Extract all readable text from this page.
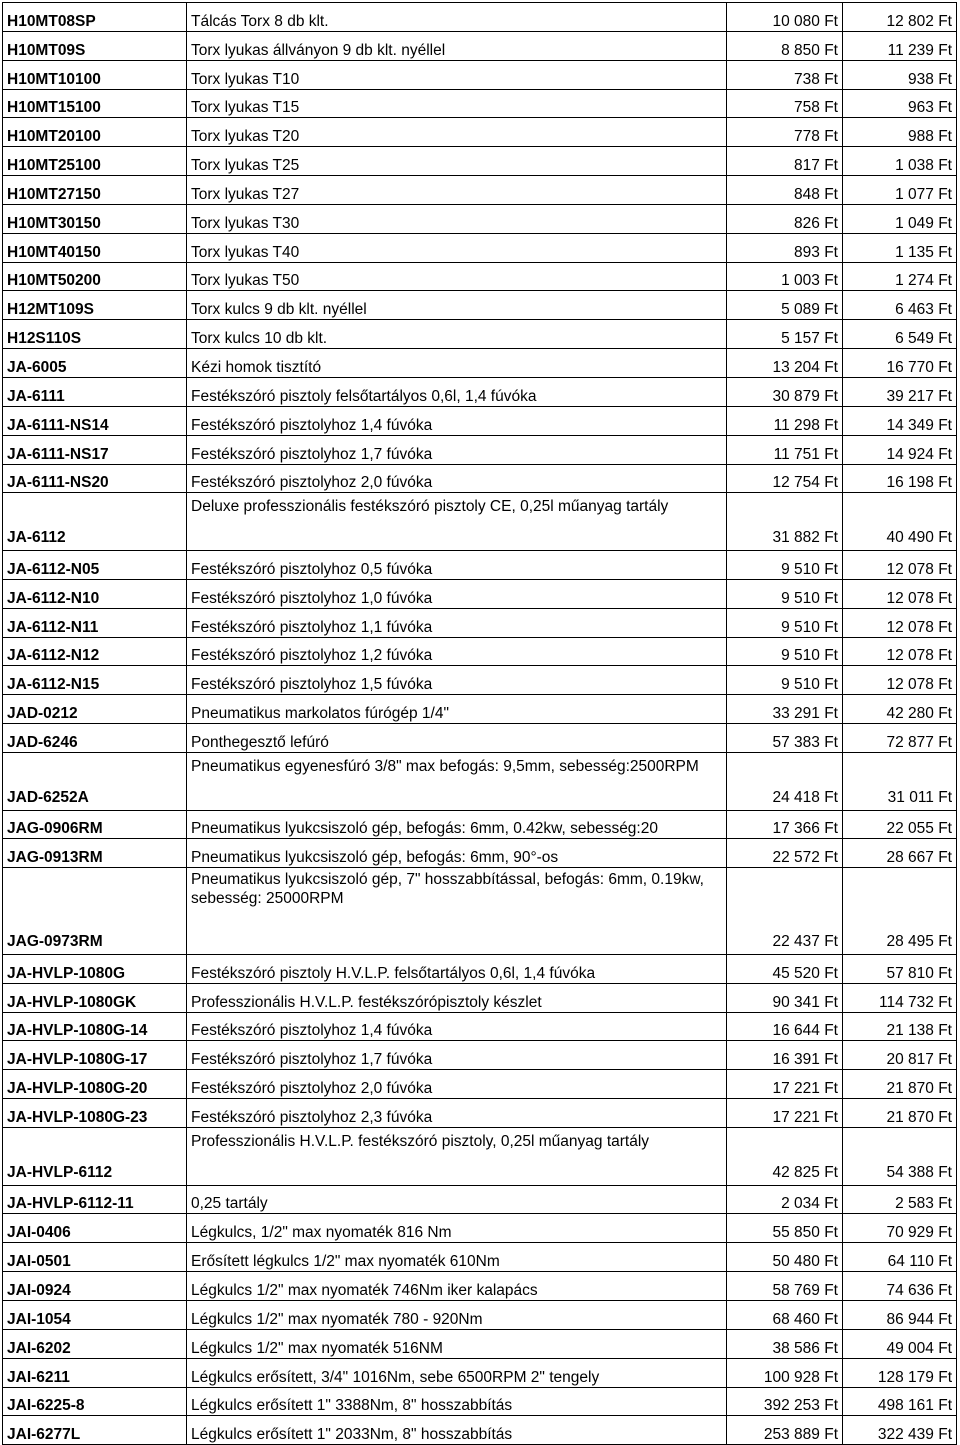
H10MT08SP	Tálcás Torx 8 db klt.	10 080 Ft	12 802 Ft
H10MT09S	Torx lyukas állványon 9 db klt. nyéllel	8 850 Ft	11 239 Ft
H10MT10100	Torx lyukas T10	738 Ft	938 Ft
H10MT15100	Torx lyukas T15	758 Ft	963 Ft
H10MT20100	Torx lyukas T20	778 Ft	988 Ft
H10MT25100	Torx lyukas T25	817 Ft	1 038 Ft
H10MT27150	Torx lyukas T27	848 Ft	1 077 Ft
H10MT30150	Torx lyukas T30	826 Ft	1 049 Ft
H10MT40150	Torx lyukas T40	893 Ft	1 135 Ft
H10MT50200	Torx lyukas T50	1 003 Ft	1 274 Ft
H12MT109S	Torx kulcs 9 db klt. nyéllel	5 089 Ft	6 463 Ft
H12S110S	Torx kulcs 10 db klt.	5 157 Ft	6 549 Ft
JA-6005	Kézi homok tisztító	13 204 Ft	16 770 Ft
JA-6111	Festékszóró pisztoly felsőtartályos 0,6l, 1,4 fúvóka	30 879 Ft	39 217 Ft
JA-6111-NS14	Festékszóró pisztolyhoz 1,4 fúvóka	11 298 Ft	14 349 Ft
JA-6111-NS17	Festékszóró pisztolyhoz 1,7 fúvóka	11 751 Ft	14 924 Ft
JA-6111-NS20	Festékszóró pisztolyhoz 2,0 fúvóka	12 754 Ft	16 198 Ft
JA-6112	Deluxe professzionális festékszóró pisztoly CE, 0,25l műanyag tartály	31 882 Ft	40 490 Ft
JA-6112-N05	Festékszóró pisztolyhoz 0,5 fúvóka	9 510 Ft	12 078 Ft
JA-6112-N10	Festékszóró pisztolyhoz 1,0 fúvóka	9 510 Ft	12 078 Ft
JA-6112-N11	Festékszóró pisztolyhoz 1,1 fúvóka	9 510 Ft	12 078 Ft
JA-6112-N12	Festékszóró pisztolyhoz 1,2 fúvóka	9 510 Ft	12 078 Ft
JA-6112-N15	Festékszóró pisztolyhoz 1,5 fúvóka	9 510 Ft	12 078 Ft
JAD-0212	Pneumatikus markolatos fúrógép 1/4"	33 291 Ft	42 280 Ft
JAD-6246	Ponthegesztő lefúró	57 383 Ft	72 877 Ft
JAD-6252A	Pneumatikus egyenesfúró 3/8" max befogás: 9,5mm, sebesség:2500RPM	24 418 Ft	31 011 Ft
JAG-0906RM	Pneumatikus lyukcsiszoló gép, befogás: 6mm, 0.42kw, sebesség:20	17 366 Ft	22 055 Ft
JAG-0913RM	Pneumatikus lyukcsiszoló gép, befogás: 6mm, 90°-os	22 572 Ft	28 667 Ft
JAG-0973RM	Pneumatikus lyukcsiszoló gép, 7" hosszabbítással, befogás: 6mm, 0.19kw, sebesség: 25000RPM	22 437 Ft	28 495 Ft
JA-HVLP-1080G	Festékszóró pisztoly H.V.L.P. felsőtartályos 0,6l, 1,4 fúvóka	45 520 Ft	57 810 Ft
JA-HVLP-1080GK	Professzionális H.V.L.P. festékszórópisztoly készlet	90 341 Ft	114 732 Ft
JA-HVLP-1080G-14	Festékszóró pisztolyhoz 1,4 fúvóka	16 644 Ft	21 138 Ft
JA-HVLP-1080G-17	Festékszóró pisztolyhoz 1,7 fúvóka	16 391 Ft	20 817 Ft
JA-HVLP-1080G-20	Festékszóró pisztolyhoz 2,0 fúvóka	17 221 Ft	21 870 Ft
JA-HVLP-1080G-23	Festékszóró pisztolyhoz 2,3 fúvóka	17 221 Ft	21 870 Ft
JA-HVLP-6112	Professzionális H.V.L.P. festékszóró pisztoly, 0,25l műanyag tartály	42 825 Ft	54 388 Ft
JA-HVLP-6112-11	0,25 tartály	2 034 Ft	2 583 Ft
JAI-0406	Légkulcs, 1/2" max nyomaték 816 Nm	55 850 Ft	70 929 Ft
JAI-0501	Erősített légkulcs 1/2" max nyomaték 610Nm	50 480 Ft	64 110 Ft
JAI-0924	Légkulcs 1/2" max nyomaték 746Nm iker kalapács	58 769 Ft	74 636 Ft
JAI-1054	Légkulcs 1/2" max nyomaték 780 - 920Nm	68 460 Ft	86 944 Ft
JAI-6202	Légkulcs 1/2" max nyomaték 516NM	38 586 Ft	49 004 Ft
JAI-6211	Légkulcs erősített, 3/4" 1016Nm, sebe 6500RPM 2" tengely	100 928 Ft	128 179 Ft
JAI-6225-8	Légkulcs erősített 1" 3388Nm, 8" hosszabbítás	392 253 Ft	498 161 Ft
JAI-6277L	Légkulcs erősített 1" 2033Nm, 8" hosszabbítás	253 889 Ft	322 439 Ft
